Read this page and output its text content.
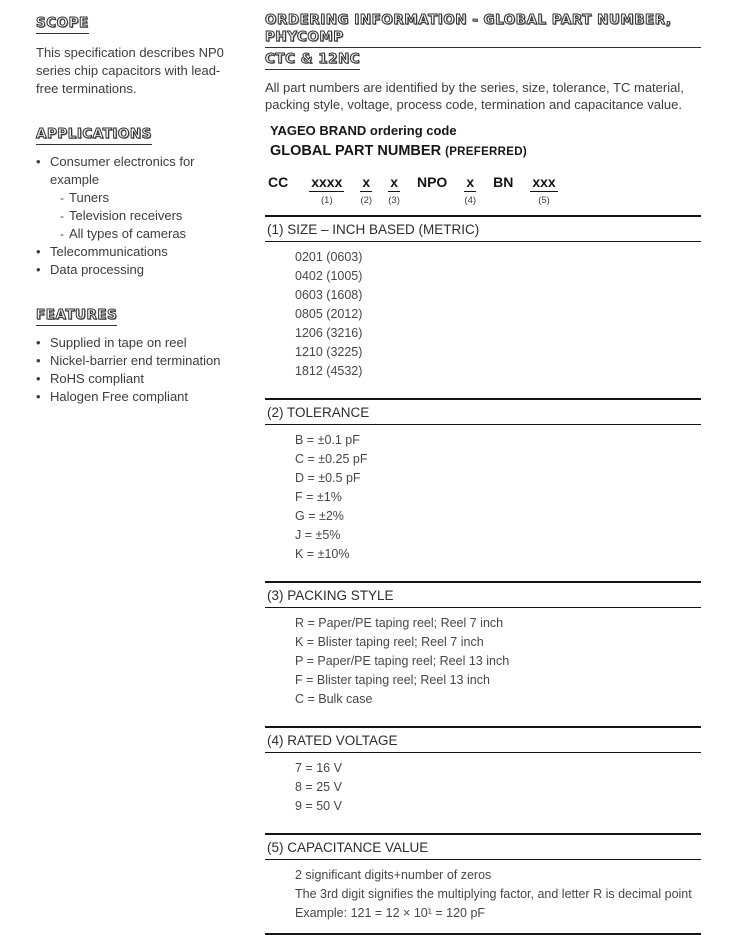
SCOPE
This specification describes NP0 series chip capacitors with lead-free terminations.
APPLICATIONS
• Consumer electronics for example
- Tuners
- Television receivers
- All types of cameras
• Telecommunications
• Data processing
FEATURES
• Supplied in tape on reel
• Nickel-barrier end termination
• RoHS compliant
• Halogen Free compliant
ORDERING INFORMATION - GLOBAL PART NUMBER, PHYCOMP
CTC & 12NC
All part numbers are identified by the series, size, tolerance, TC material, packing style, voltage, process code, termination and capacitance value.
YAGEO BRAND ordering code
GLOBAL PART NUMBER (PREFERRED)
CC xxxx
(1)
x
(2)
x
(3)
NPO x
(4)
BN xxx
(5)
(1) SIZE – INCH BASED (METRIC)
0201 (0603)
0402 (1005)
0603 (1608)
0805 (2012)
1206 (3216)
1210 (3225)
1812 (4532)
(2) TOLERANCE
B = ±0.1 pF
C = ±0.25 pF
D = ±0.5 pF
F = ±1%
G = ±2%
J = ±5%
K = ±10%
(3) PACKING STYLE
R = Paper/PE taping reel; Reel 7 inch
K = Blister taping reel; Reel 7 inch
P = Paper/PE taping reel; Reel 13 inch
F = Blister taping reel; Reel 13 inch
C = Bulk case
(4) RATED VOLTAGE
7 = 16 V
8 = 25 V
9 = 50 V
(5) CAPACITANCE VALUE
2 significant digits+number of zeros
The 3rd digit signifies the multiplying factor, and letter R is decimal point
Example: 121 = 12 × 10¹ = 120 pF
